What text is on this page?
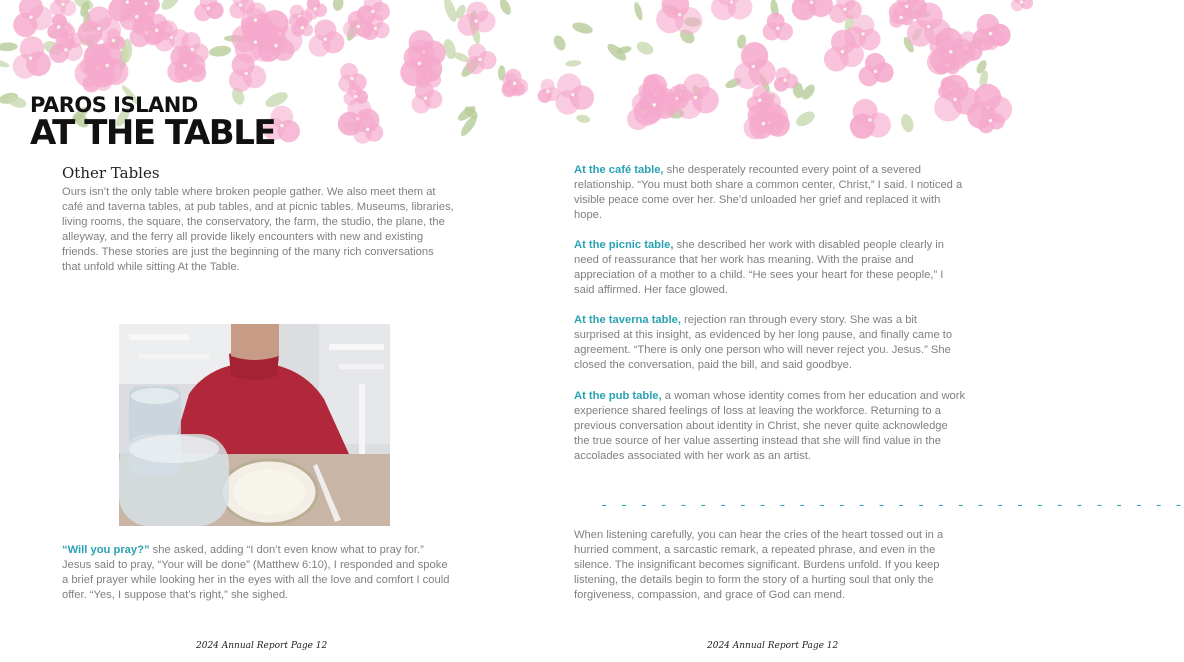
PAROS ISLAND
AT THE TABLE
Other Tables

Ours isn’t the only table where broken people gather. We also meet them at café and taverna tables, at pub tables, and at picnic tables. Museums, libraries, living rooms, the square, the conservatory, the farm, the studio, the plane, the alleyway, and the ferry all provide likely encounters with new and existing friends. These stories are just the beginning of the many rich conversations that unfold while sitting At the Table.

“Will you pray?” she asked, adding “I don’t even know what to pray for.” Jesus said to pray, “Your will be done” (Matthew 6:10), I responded and spoke a brief prayer while looking her in the eyes with all the love and comfort I could offer. “Yes, I suppose that’s right,” she sighed.

2024 Annual Report Page 12

At the café table, she desperately recounted every point of a severed relationship. “You must both share a common center, Christ,” I said. I noticed a visible peace come over her. She’d unloaded her grief and replaced it with hope.

At the picnic table, she described her work with disabled people clearly in need of reassurance that her work has meaning. With the praise and appreciation of a mother to a child. “He sees your heart for these people,” I said affirmed. Her face glowed.

At the taverna table, rejection ran through every story. She was a bit surprised at this insight, as evidenced by her long pause, and finally came to agreement. “There is only one person who will never reject you. Jesus.” She closed the conversation, paid the bill, and said goodbye.

At the pub table, a woman whose identity comes from her education and work experience shared feelings of loss at leaving the workforce. Returning to a previous conversation about identity in Christ, she never quite acknowledge the true source of her value asserting instead that she will find value in the accolades associated with her work as an artist.

- - - - - - - - - - - - - - - - - - - - - - - - - - - - - -

When listening carefully, you can hear the cries of the heart tossed out in a hurried comment, a sarcastic remark, a repeated phrase, and even in the silence. The insignificant becomes significant. Burdens unfold. If you keep listening, the details begin to form the story of a hurting soul that only the forgiveness, compassion, and grace of God can mend.

2024 Annual Report Page 12
